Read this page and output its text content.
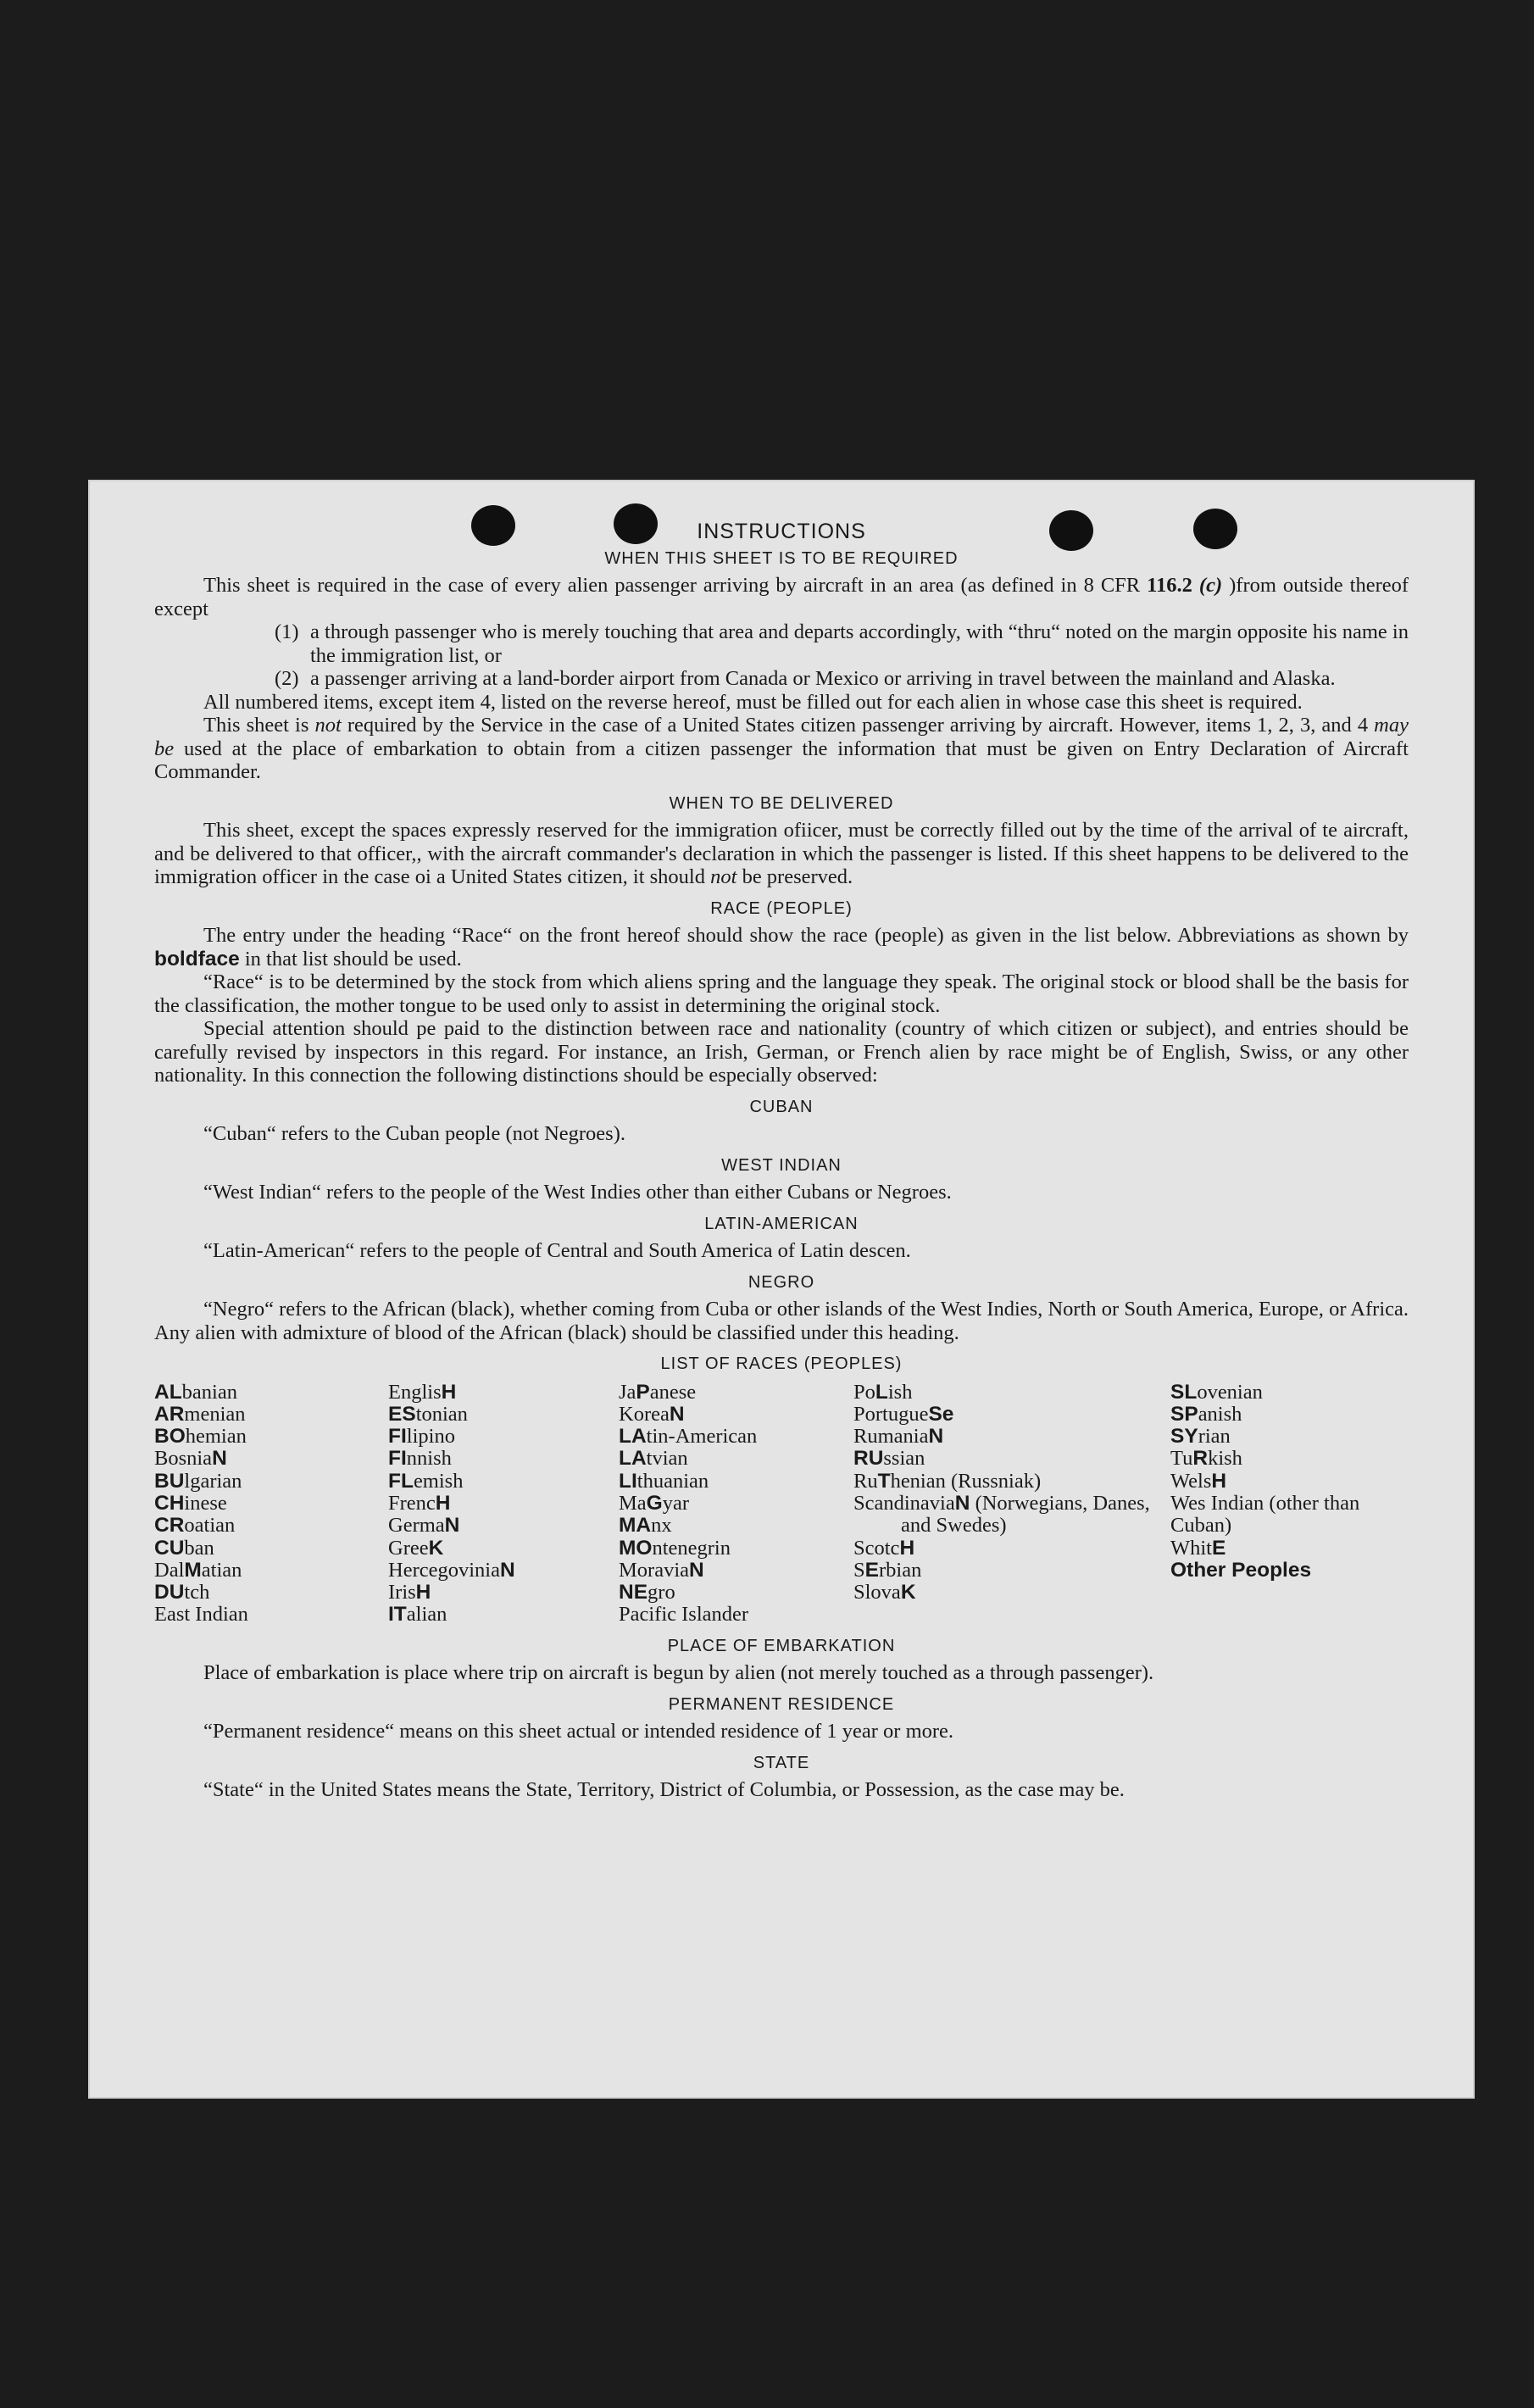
INSTRUCTIONS
WHEN THIS SHEET IS TO BE REQUIRED

This sheet is required in the case of every alien passenger arriving by aircraft in an area (as defined in 8 CFR 116.2 (c) )from outside thereof except

(1) a through passenger who is merely touching that area and departs accordingly, with “thru“ noted on the margin opposite his name in the immigration list, or
(2) a passenger arriving at a land-border airport from Canada or Mexico or arriving in travel between the mainland and Alaska.

All numbered items, except item 4, listed on the reverse hereof, must be filled out for each alien in whose case this sheet is required.

This sheet is not required by the Service in the case of a United States citizen passenger arriving by aircraft. However, items 1, 2, 3, and 4 may be used at the place of embarkation to obtain from a citizen passenger the information that must be given on Entry Declaration of Aircraft Commander.

WHEN TO BE DELIVERED

This sheet, except the spaces expressly reserved for the immigration ofiicer, must be correctly filled out by the time of the arrival of te aircraft, and be delivered to that officer,, with the aircraft commander's declaration in which the passenger is listed. If this sheet happens to be delivered to the immigration officer in the case oi a United States citizen, it should not be preserved.

RACE (PEOPLE)

The entry under the heading “Race“ on the front hereof should show the race (people) as given in the list below. Abbreviations as shown by boldface in that list should be used.

“Race“ is to be determined by the stock from which aliens spring and the language they speak. The original stock or blood shall be the basis for the classification, the mother tongue to be used only to assist in determining the original stock.

Special attention should pe paid to the distinction between race and nationality (country of which citizen or subject), and entries should be carefully revised by inspectors in this regard. For instance, an Irish, German, or French alien by race might be of English, Swiss, or any other nationality. In this connection the following distinctions should be especially observed:

CUBAN

“Cuban“ refers to the Cuban people (not Negroes).

WEST INDIAN

“West Indian“ refers to the people of the West Indies other than either Cubans or Negroes.

LATIN-AMERICAN

“Latin-American“ refers to the people of Central and South America of Latin descen.

NEGRO

“Negro“ refers to the African (black), whether coming from Cuba or other islands of the West Indies, North or South America, Europe, or Africa. Any alien with admixture of blood of the African (black) should be classified under this heading.

LIST OF RACES (PEOPLES)
ALbanian
ARmenian
BOhemian
BosniaN
BUlgarian
CHinese
CRoatian
CUban
DalMatian
DUtch
East Indian
EnglisH
EStonian
FIlipino
FInnish
FLemish
FrencH
GermaN
GreeK
HercegoviniaN
IrisH
ITalian
JaPanese
KoreaN
LAtin-American
LAtvian
LIthuanian
MaGyar
MAnx
MOntenegrin
MoraviaN
NEgro
Pacific Islander
PoLish
PortugueSe
RumaniaN
RUssian
RuThenian (Russniak)
ScandinaviaN (Norwegians, Danes, and Swedes)
ScotcH
SErbian
SlovaK
SLovenian
SPanish
SYrian
TuRkish
WelsH
Wes Indian (other than Cuban)
WhitE
Other Peoples
PLACE OF EMBARKATION

Place of embarkation is place where trip on aircraft is begun by alien (not merely touched as a through passenger).

PERMANENT RESIDENCE

“Permanent residence“ means on this sheet actual or intended residence of 1 year or more.

STATE

“State“ in the United States means the State, Territory, District of Columbia, or Possession, as the case may be.
